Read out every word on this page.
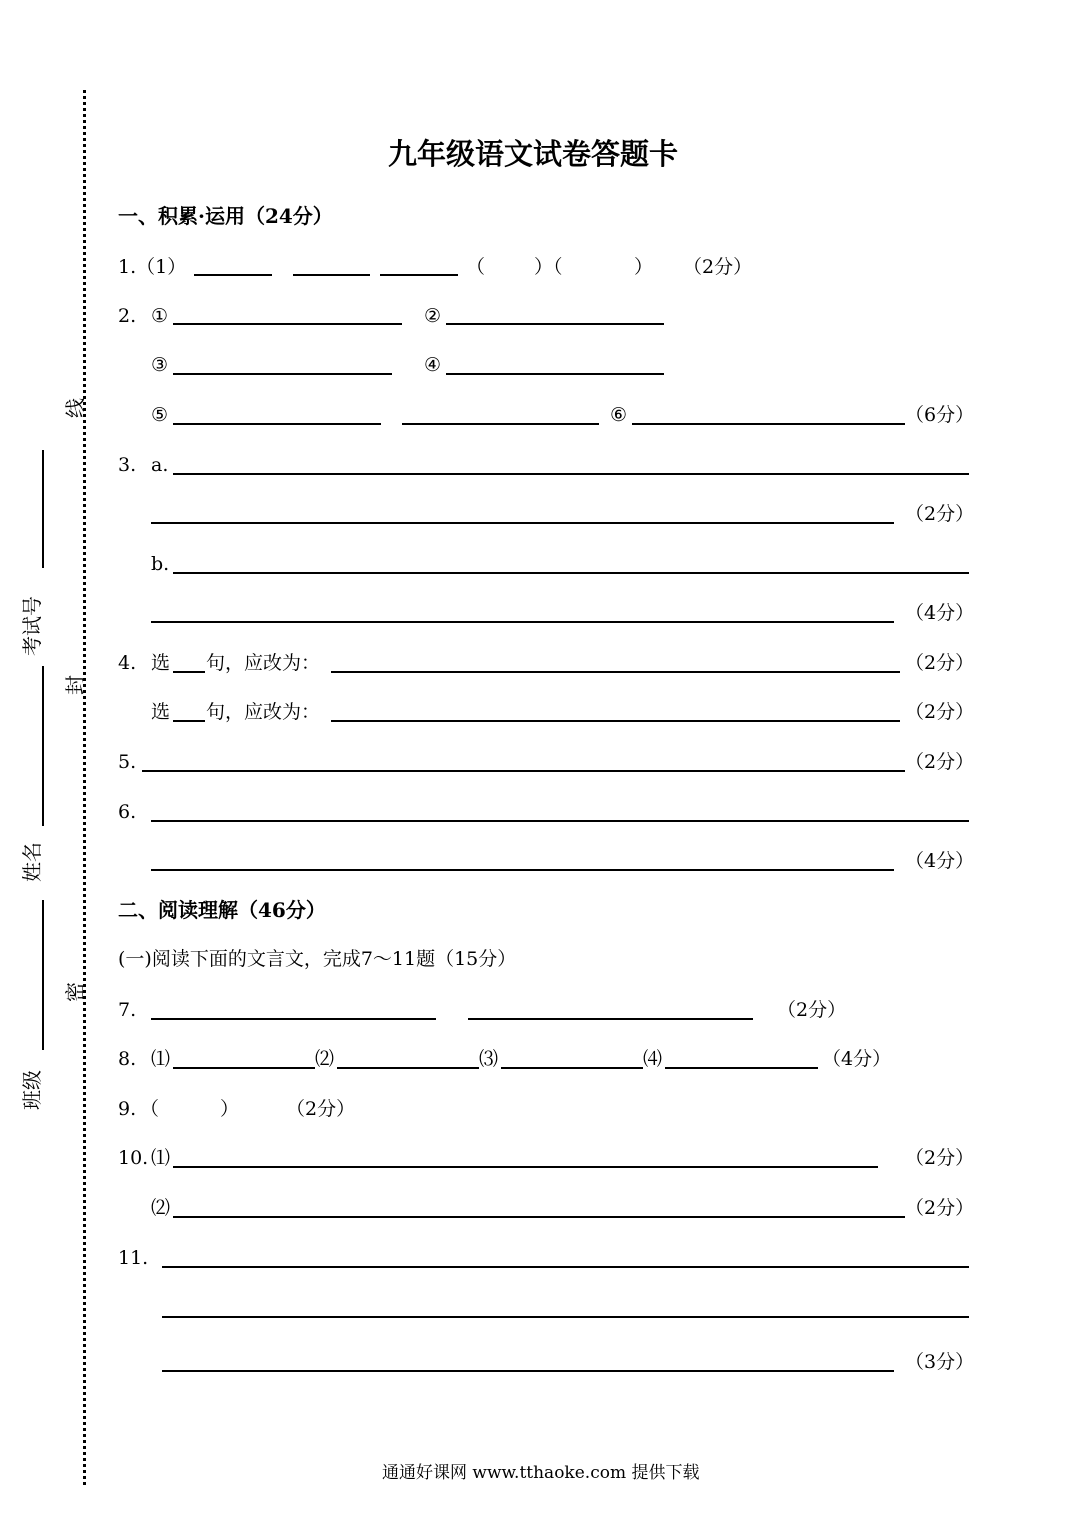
线
封
密
考试号
姓名
班级
九年级语文试卷答题卡
一、积累·运用（24分）
1.（1）	（	）（	） （2分）
2. ①	②
③	④
⑤	⑥	（6分）
3. a.
（2分）
b.
（4分）
4. 选 句，应改为：	（2分）
选 句，应改为：	（2分）
5.	（2分）
6.
（4分）
二、阅读理解（46分）
(一)阅读下面的文言文，完成7～11题（15分）
7.	（2分）
8. ⑴	⑵	⑶	⑷	（4分）
9. （	） （2分）
10. ⑴	（2分）
⑵	（2分）
11.
（3分）
通通好课网 www.tthaoke.com 提供下载
